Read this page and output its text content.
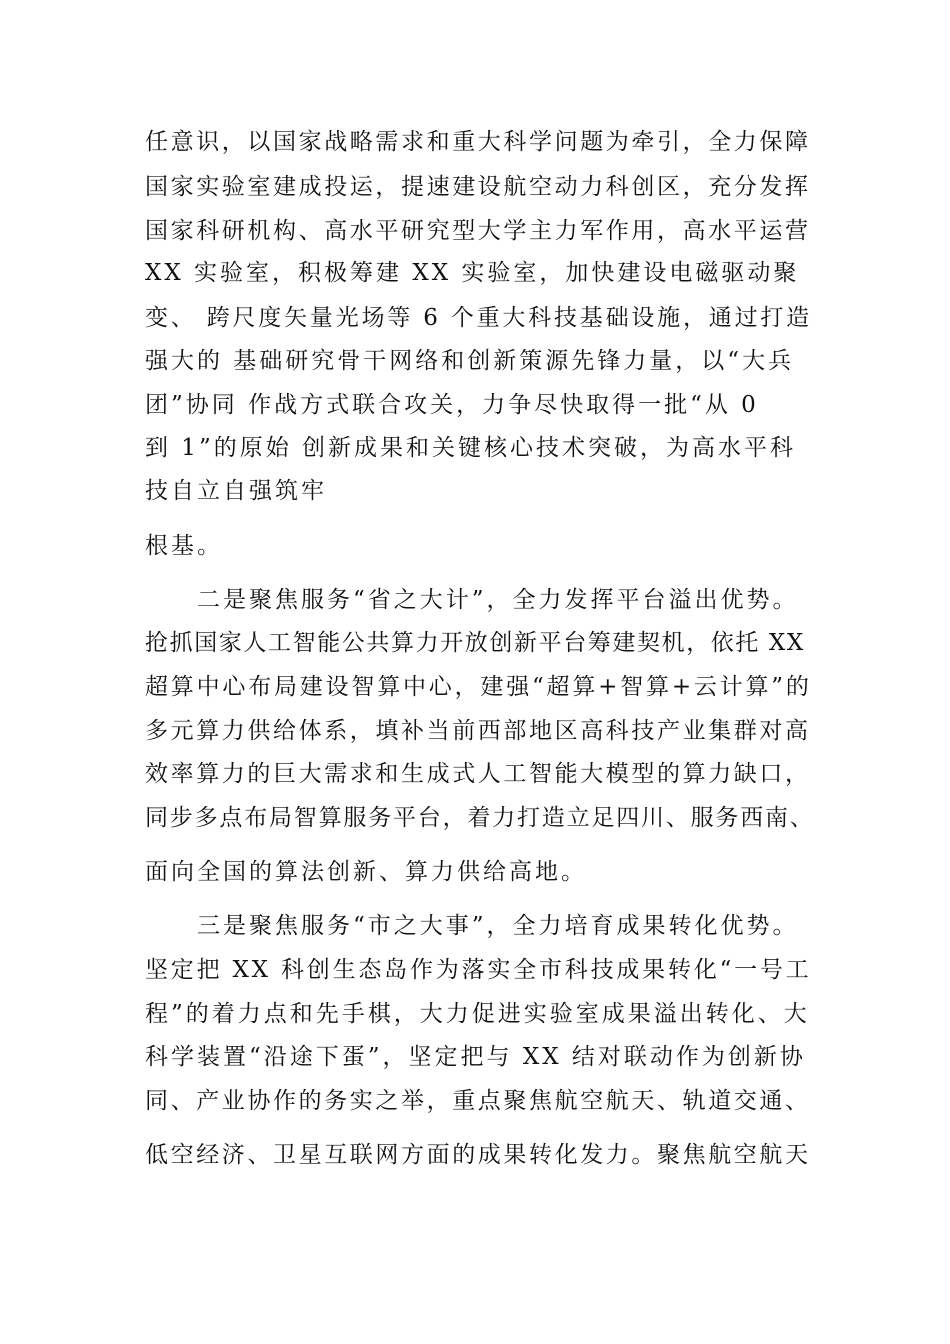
任意识，以国家战略需求和重大科学问题为牵引，全力保障
国家实验室建成投运，提速建设航空动力科创区，充分发挥
国家科研机构、高水平研究型大学主力军作用，高水平运营
XX 实验室，积极筹建 XX 实验室，加快建设电磁驱动聚
变、 跨尺度矢量光场等 6 个重大科技基础设施，通过打造
强大的 基础研究骨干网络和创新策源先锋力量，以“大兵
团”协同 作战方式联合攻关，力争尽快取得一批“从 0
到 1”的原始 创新成果和关键核心技术突破，为高水平科
技自立自强筑牢
根基。
　　二是聚焦服务“省之大计”，全力发挥平台溢出优势。
抢抓国家人工智能公共算力开放创新平台筹建契机，依托 XX
超算中心布局建设智算中心，建强“超算+智算+云计算”的
多元算力供给体系，填补当前西部地区高科技产业集群对高
效率算力的巨大需求和生成式人工智能大模型的算力缺口，
同步多点布局智算服务平台，着力打造立足四川、服务西南、
面向全国的算法创新、算力供给高地。
　　三是聚焦服务“市之大事”，全力培育成果转化优势。
坚定把 XX 科创生态岛作为落实全市科技成果转化“一号工
程”的着力点和先手棋，大力促进实验室成果溢出转化、大
科学装置“沿途下蛋”，坚定把与 XX 结对联动作为创新协
同、产业协作的务实之举，重点聚焦航空航天、轨道交通、
低空经济、卫星互联网方面的成果转化发力。聚焦航空航天
